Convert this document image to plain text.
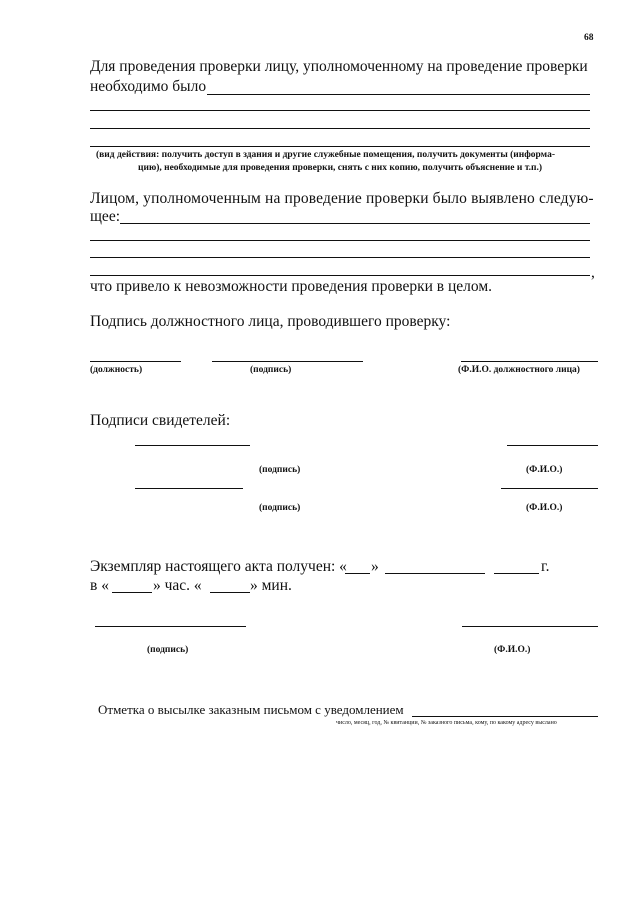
68
Для проведения проверки лицу, уполномоченному на проведение проверки
необходимо было
(вид действия: получить доступ в здания и другие служебные помещения, получить документы (информа-
цию), необходимые для проведения проверки, снять с них копию, получить объяснение и т.п.)
Лицом, уполномоченным на проведение проверки было выявлено следую-
щее:
,
что привело к невозможности проведения проверки в целом.
Подпись должностного лица, проводившего проверку:
(должность)	(подпись)	(Ф.И.О. должностного лица)
Подписи свидетелей:
(подпись)	(Ф.И.О.)
(подпись)	(Ф.И.О.)
Экземпляр настоящего акта получен: « »	г.
в «	» час. «	» мин.
(подпись)	(Ф.И.О.)
Отметка о высылке заказным письмом с уведомлением
число, месяц, год, № квитанции, № заказного письма, кому, по какому адресу выслано
